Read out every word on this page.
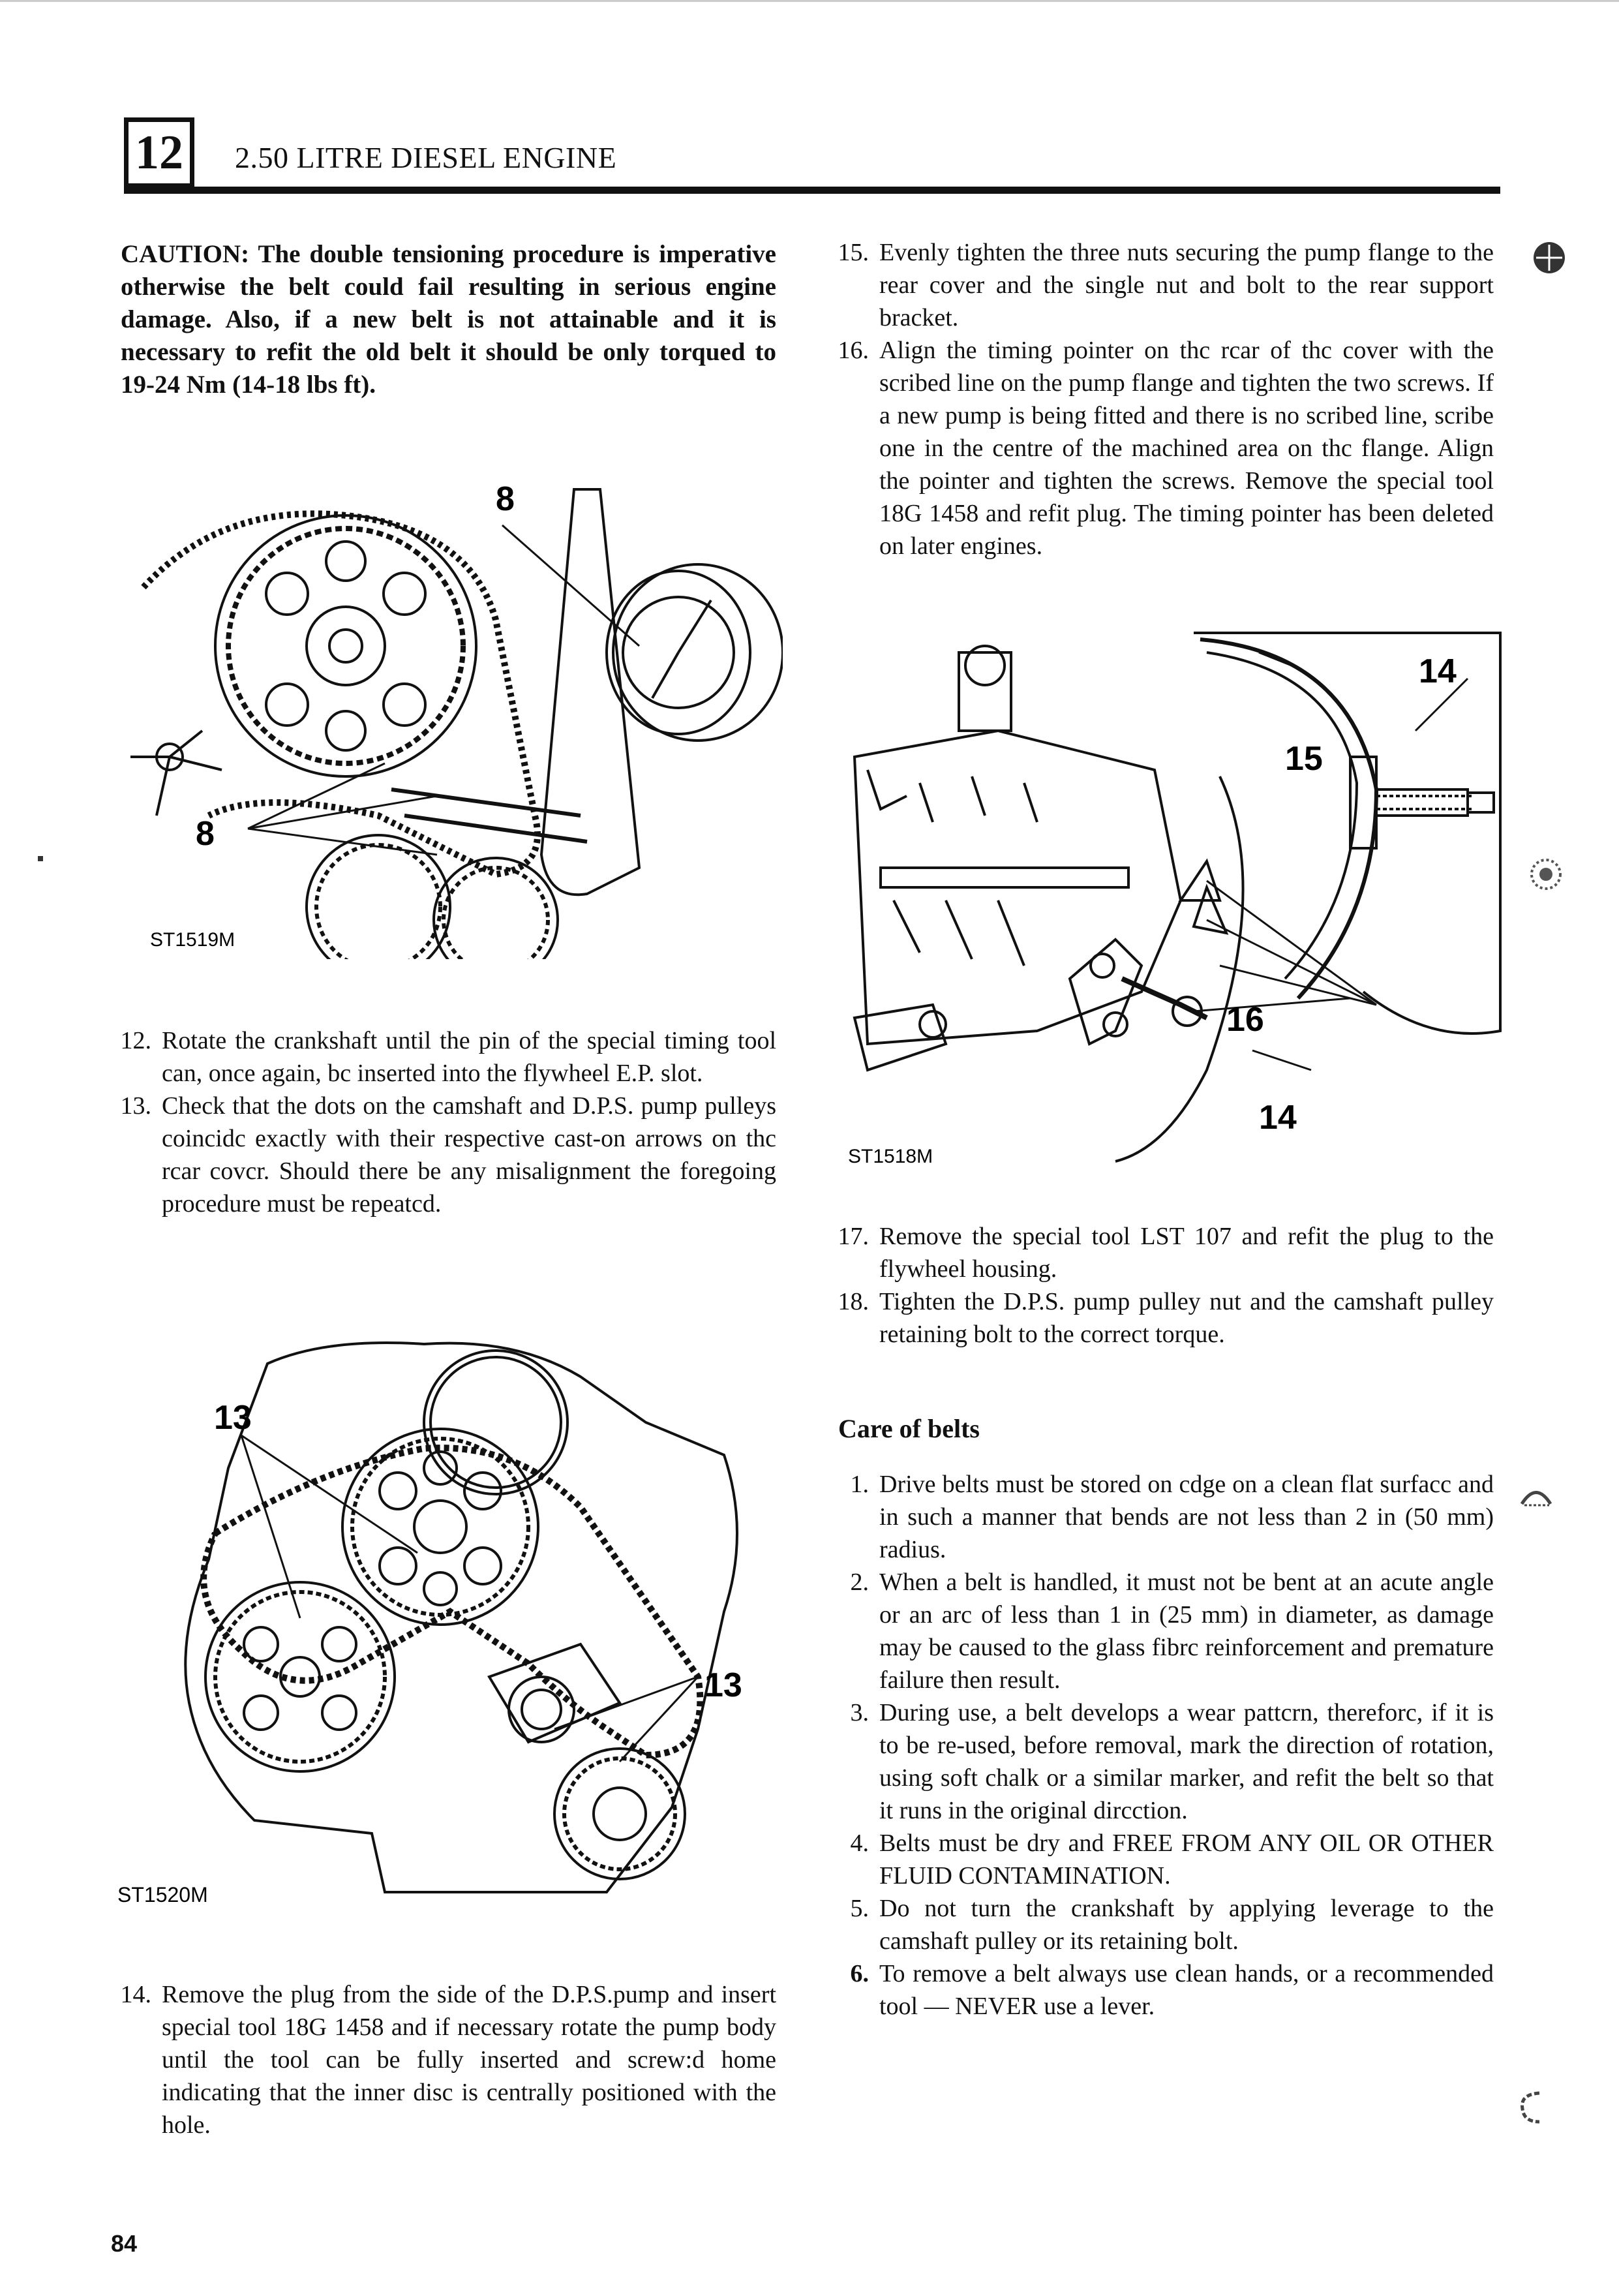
12	2.50 LITRE DIESEL ENGINE
CAUTION: The double tensioning procedure is imperative otherwise the belt could fail resulting in serious engine damage. Also, if a new belt is not attainable and it is necessary to refit the old belt it should be only torqued to 19-24 Nm (14-18 lbs ft).
8
8
ST1519M
12. Rotate the crankshaft until the pin of the special timing tool can, once again, bc inserted into the flywheel E.P. slot.
13. Check that the dots on the camshaft and D.P.S. pump pulleys coincidc exactly with their respective cast-on arrows on thc rcar covcr. Should there be any misalignment the foregoing procedure must be repeatcd.
13
13
ST1520M
14. Remove the plug from the side of the D.P.S.pump and insert special tool 18G 1458 and if necessary rotate the pump body until the tool can be fully inserted and screw:d home indicating that the inner disc is centrally positioned with the hole.
15. Evenly tighten the three nuts securing the pump flange to the rear cover and the single nut and bolt to the rear support bracket.
16. Align the timing pointer on thc rcar of thc cover with the scribed line on the pump flange and tighten the two screws. If a new pump is being fitted and there is no scribed line, scribe one in the centre of the machined area on thc flange. Align the pointer and tighten the screws. Remove the special tool 18G 1458 and refit plug. The timing pointer has been deleted on later engines.
14
15
16
14
ST1518M
17. Remove the special tool LST 107 and refit the plug to the flywheel housing.
18. Tighten the D.P.S. pump pulley nut and the camshaft pulley retaining bolt to the correct torque.
Care of belts
1. Drive belts must be stored on cdge on a clean flat surfacc and in such a manner that bends are not less than 2 in (50 mm) radius.
2. When a belt is handled, it must not be bent at an acute angle or an arc of less than 1 in (25 mm) in diameter, as damage may be caused to the glass fibrc reinforcement and premature failure then result.
3. During use, a belt develops a wear pattcrn, thereforc, if it is to be re-used, before removal, mark the direction of rotation, using soft chalk or a similar marker, and refit the belt so that it runs in the original dircction.
4. Belts must be dry and FREE FROM ANY OIL OR OTHER FLUID CONTAMINATION.
5. Do not turn the crankshaft by applying leverage to the camshaft pulley or its retaining bolt.
6. To remove a belt always use clean hands, or a recommended tool — NEVER use a lever.
84
